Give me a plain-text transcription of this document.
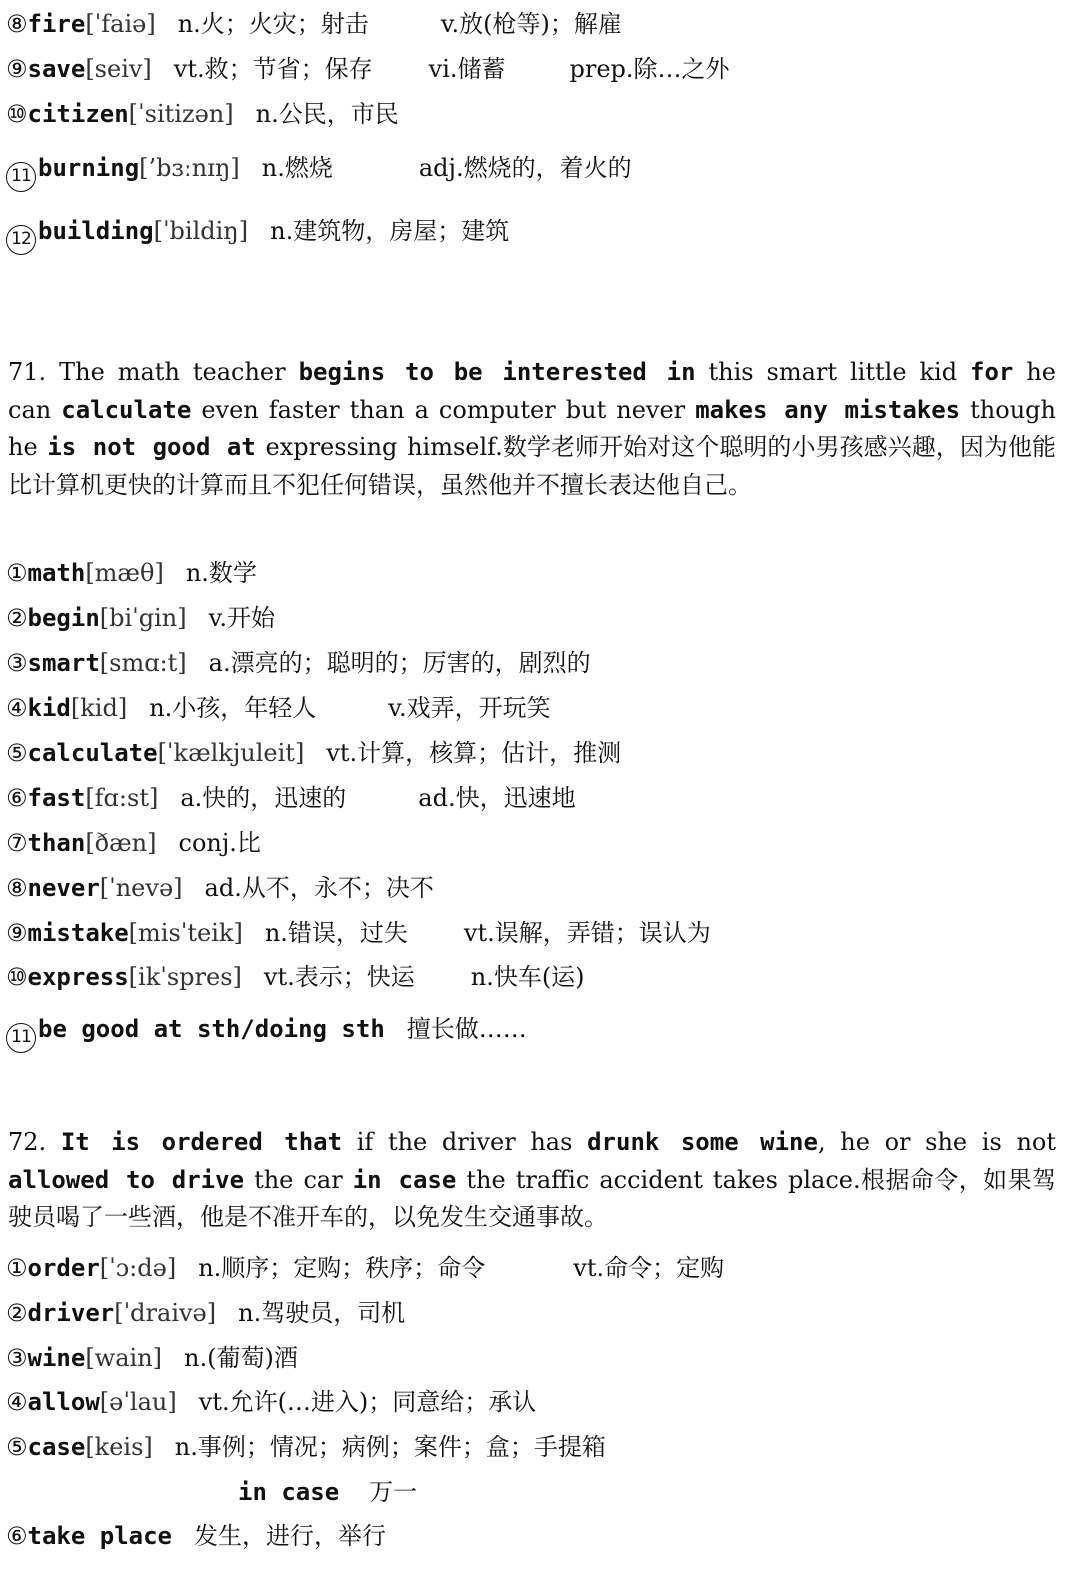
⑧fire[ˈfaiə] n.火；火灾；射击	v.放(枪等)；解雇
⑨save[seiv] vt.救；节省；保存 vi.储蓄	prep.除…之外
⑩citizen[ˈsitizən] n.公民，市民
11 burning[’bɜːnɪŋ] n.燃烧	adj.燃烧的，着火的
12 building[ˈbildiŋ] n.建筑物，房屋；建筑
71. The math teacher begins to be interested in this smart little kid for he can calculate even faster than a computer but never makes any mistakes though he is not good at expressing himself.数学老师开始对这个聪明的小男孩感兴趣，因为他能比计算机更快的计算而且不犯任何错误，虽然他并不擅长表达他自己。
①math[mæθ] n.数学
②begin[biˈgin] v.开始
③smart[smɑ:t] a.漂亮的；聪明的；厉害的，剧烈的
④kid[kid] n.小孩，年轻人	v.戏弄，开玩笑
⑤calculate[ˈkælkjuleit] vt.计算，核算；估计，推测
⑥fast[fɑ:st] a.快的，迅速的	ad.快，迅速地
⑦than[ðæn] conj.比
⑧never[ˈnevə] ad.从不，永不；决不
⑨mistake[misˈteik] n.错误，过失 vt.误解，弄错；误认为
⑩express[ikˈspres] vt.表示；快运 n.快车(运)
11 be good at sth/doing sth 擅长做……
72. It is ordered that if the driver has drunk some wine, he or she is not allowed to drive the car in case the traffic accident takes place.根据命令，如果驾驶员喝了一些酒，他是不准开车的，以免发生交通事故。
①order[ˈɔ:də] n.顺序；定购；秩序；命令	vt.命令；定购
②driver[ˈdraivə] n.驾驶员，司机
③wine[wain] n.(葡萄)酒
④allow[əˈlau] vt.允许(…进入)；同意给；承认
⑤case[keis] n.事例；情况；病例；案件；盒；手提箱
in case 万一
⑥take place 发生，进行，举行
